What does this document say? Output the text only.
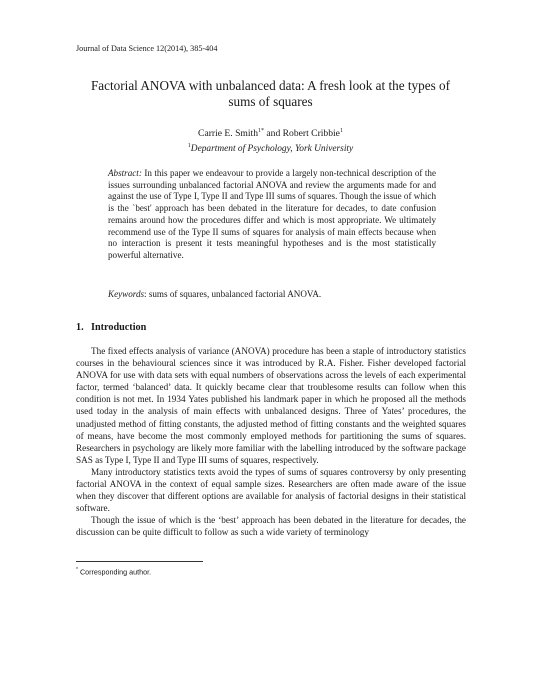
Journal of Data Science 12(2014), 385-404
Factorial ANOVA with unbalanced data: A fresh look at the types of sums of squares
Carrie E. Smith$^{1*}$ and Robert Cribbie$^1$
$^1$Department of Psychology, York University
Abstract: In this paper we endeavour to provide a largely non-technical description of the issues surrounding unbalanced factorial ANOVA and review the arguments made for and against the use of Type I, Type II and Type III sums of squares. Though the issue of which is the `best' approach has been debated in the literature for decades, to date confusion remains around how the procedures differ and which is most appropriate. We ultimately recommend use of the Type II sums of squares for analysis of main effects because when no interaction is present it tests meaningful hypotheses and is the most statistically powerful alternative.
Keywords: sums of squares, unbalanced factorial ANOVA.
1. Introduction

The fixed effects analysis of variance (ANOVA) procedure has been a staple of introductory statistics courses in the behavioural sciences since it was introduced by R.A. Fisher. Fisher developed factorial ANOVA for use with data sets with equal numbers of observations across the levels of each experimental factor, termed ‘balanced’ data. It quickly became clear that troublesome results can follow when this condition is not met. In 1934 Yates published his landmark paper in which he proposed all the methods used today in the analysis of main effects with unbalanced designs. Three of Yates’ procedures, the unadjusted method of fitting constants, the adjusted method of fitting constants and the weighted squares of means, have become the most commonly employed methods for partitioning the sums of squares. Researchers in psychology are likely more familiar with the labelling introduced by the software package SAS as Type I, Type II and Type III sums of squares, respectively.

Many introductory statistics texts avoid the types of sums of squares controversy by only presenting factorial ANOVA in the context of equal sample sizes. Researchers are often made aware of the issue when they discover that different options are available for analysis of factorial designs in their statistical software.

Though the issue of which is the ‘best’ approach has been debated in the literature for decades, the discussion can be quite difficult to follow as such a wide variety of terminology

* Corresponding author.
